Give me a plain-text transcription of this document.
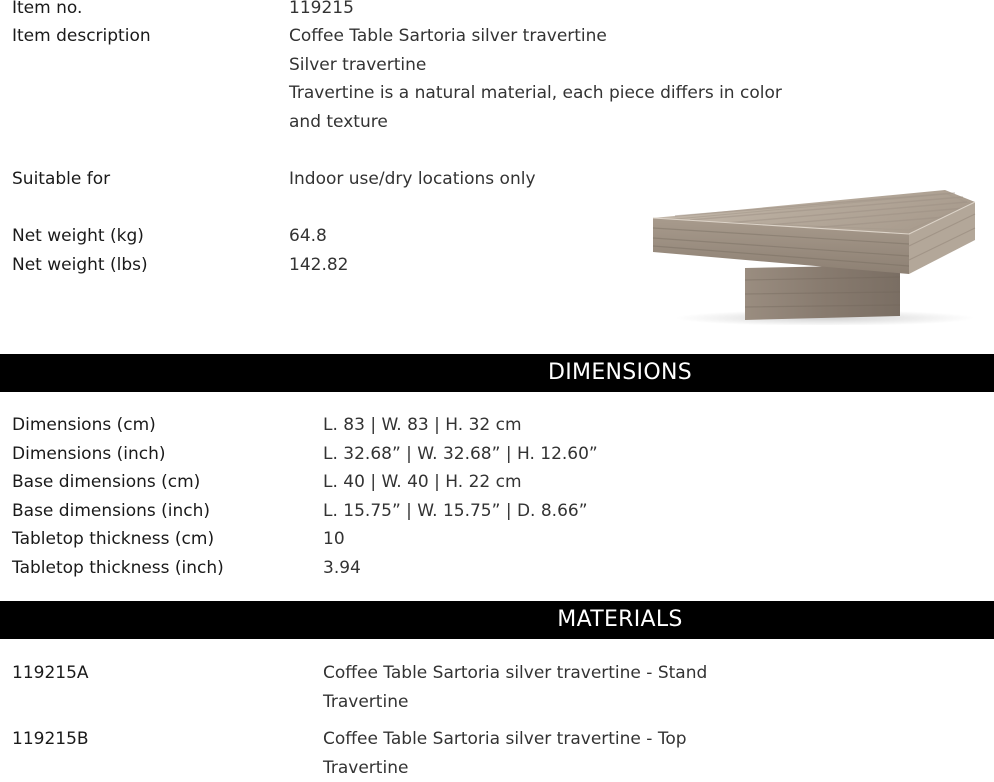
Item no.	119215
Item description	Coffee Table Sartoria silver travertine
Silver travertine
Travertine is a natural material, each piece differs in color
and texture
Suitable for	Indoor use/dry locations only
Net weight (kg)	64.8
Net weight (lbs)	142.82
DIMENSIONS
Dimensions (cm)	L. 83 | W. 83 | H. 32 cm
Dimensions (inch)	L. 32.68” | W. 32.68” | H. 12.60”
Base dimensions (cm)	L. 40 | W. 40 | H. 22 cm
Base dimensions (inch)	L. 15.75” | W. 15.75” | D. 8.66”
Tabletop thickness (cm)	10
Tabletop thickness (inch)	3.94
MATERIALS
119215A	Coffee Table Sartoria silver travertine - Stand
Travertine
119215B	Coffee Table Sartoria silver travertine - Top
Travertine
